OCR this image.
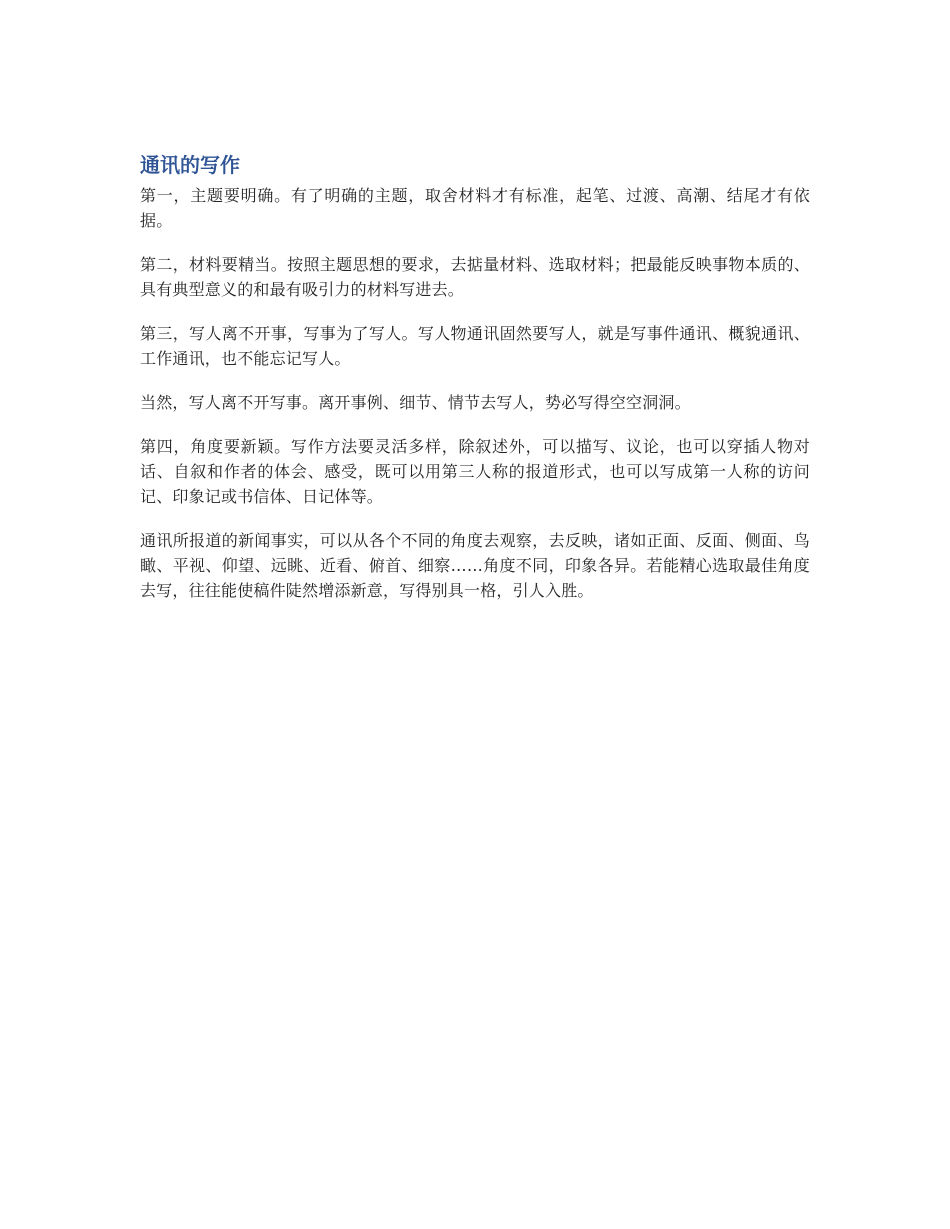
通讯的写作

第一，主题要明确。有了明确的主题，取舍材料才有标准，起笔、过渡、高潮、结尾才有依据。

第二，材料要精当。按照主题思想的要求，去掂量材料、选取材料；把最能反映事物本质的、具有典型意义的和最有吸引力的材料写进去。

第三，写人离不开事，写事为了写人。写人物通讯固然要写人，就是写事件通讯、概貌通讯、工作通讯，也不能忘记写人。

当然，写人离不开写事。离开事例、细节、情节去写人，势必写得空空洞洞。

第四，角度要新颖。写作方法要灵活多样，除叙述外，可以描写、议论，也可以穿插人物对话、自叙和作者的体会、感受，既可以用第三人称的报道形式，也可以写成第一人称的访问记、印象记或书信体、日记体等。

通讯所报道的新闻事实，可以从各个不同的角度去观察，去反映，诸如正面、反面、侧面、鸟瞰、平视、仰望、远眺、近看、俯首、细察……角度不同，印象各异。若能精心选取最佳角度去写，往往能使稿件陡然增添新意，写得别具一格，引人入胜。
